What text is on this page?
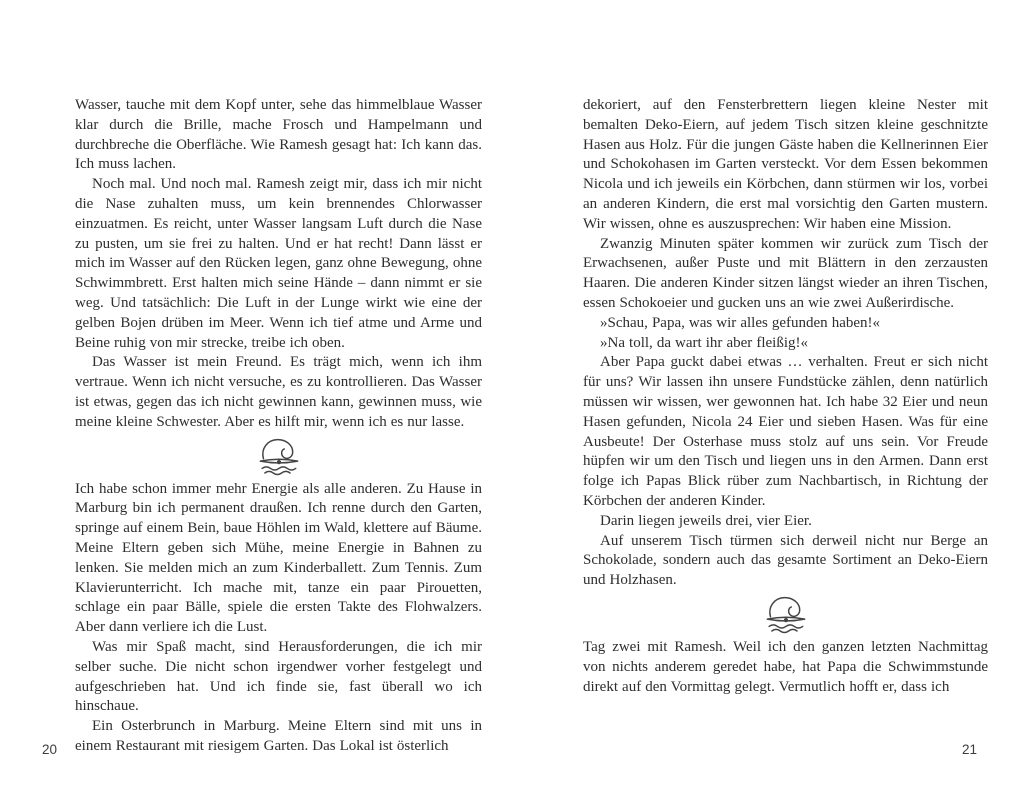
Wasser, tauche mit dem Kopf unter, sehe das himmelblaue Wasser klar durch die Brille, mache Frosch und Hampelmann und durchbreche die Oberfläche. Wie Ramesh gesagt hat: Ich kann das. Ich muss lachen.

Noch mal. Und noch mal. Ramesh zeigt mir, dass ich mir nicht die Nase zuhalten muss, um kein brennendes Chlorwasser einzuatmen. Es reicht, unter Wasser langsam Luft durch die Nase zu pusten, um sie frei zu halten. Und er hat recht! Dann lässt er mich im Wasser auf den Rücken legen, ganz ohne Bewegung, ohne Schwimmbrett. Erst halten mich seine Hände – dann nimmt er sie weg. Und tatsächlich: Die Luft in der Lunge wirkt wie eine der gelben Bojen drüben im Meer. Wenn ich tief atme und Arme und Beine ruhig von mir strecke, treibe ich oben.

Das Wasser ist mein Freund. Es trägt mich, wenn ich ihm vertraue. Wenn ich nicht versuche, es zu kontrollieren. Das Wasser ist etwas, gegen das ich nicht gewinnen kann, gewinnen muss, wie meine kleine Schwester. Aber es hilft mir, wenn ich es nur lasse.

Ich habe schon immer mehr Energie als alle anderen. Zu Hause in Marburg bin ich permanent draußen. Ich renne durch den Garten, springe auf einem Bein, baue Höhlen im Wald, klettere auf Bäume. Meine Eltern geben sich Mühe, meine Energie in Bahnen zu lenken. Sie melden mich an zum Kinderballett. Zum Tennis. Zum Klavierunterricht. Ich mache mit, tanze ein paar Pirouetten, schlage ein paar Bälle, spiele die ersten Takte des Flohwalzers. Aber dann verliere ich die Lust.

Was mir Spaß macht, sind Herausforderungen, die ich mir selber suche. Die nicht schon irgendwer vorher festgelegt und aufgeschrieben hat. Und ich finde sie, fast überall wo ich hinschaue.

Ein Osterbrunch in Marburg. Meine Eltern sind mit uns in einem Restaurant mit riesigem Garten. Das Lokal ist österlich

20

dekoriert, auf den Fensterbrettern liegen kleine Nester mit bemalten Deko-Eiern, auf jedem Tisch sitzen kleine geschnitzte Hasen aus Holz. Für die jungen Gäste haben die Kellnerinnen Eier und Schokohasen im Garten versteckt. Vor dem Essen bekommen Nicola und ich jeweils ein Körbchen, dann stürmen wir los, vorbei an anderen Kindern, die erst mal vorsichtig den Garten mustern. Wir wissen, ohne es auszusprechen: Wir haben eine Mission.

Zwanzig Minuten später kommen wir zurück zum Tisch der Erwachsenen, außer Puste und mit Blättern in den zerzausten Haaren. Die anderen Kinder sitzen längst wieder an ihren Tischen, essen Schokoeier und gucken uns an wie zwei Außerirdische.

»Schau, Papa, was wir alles gefunden haben!«

»Na toll, da wart ihr aber fleißig!«

Aber Papa guckt dabei etwas … verhalten. Freut er sich nicht für uns? Wir lassen ihn unsere Fundstücke zählen, denn natürlich müssen wir wissen, wer gewonnen hat. Ich habe 32 Eier und neun Hasen gefunden, Nicola 24 Eier und sieben Hasen. Was für eine Ausbeute! Der Osterhase muss stolz auf uns sein. Vor Freude hüpfen wir um den Tisch und liegen uns in den Armen. Dann erst folge ich Papas Blick rüber zum Nachbartisch, in Richtung der Körbchen der anderen Kinder.

Darin liegen jeweils drei, vier Eier.

Auf unserem Tisch türmen sich derweil nicht nur Berge an Schokolade, sondern auch das gesamte Sortiment an Deko-Eiern und Holzhasen.

Tag zwei mit Ramesh. Weil ich den ganzen letzten Nachmittag von nichts anderem geredet habe, hat Papa die Schwimmstunde direkt auf den Vormittag gelegt. Vermutlich hofft er, dass ich

21
